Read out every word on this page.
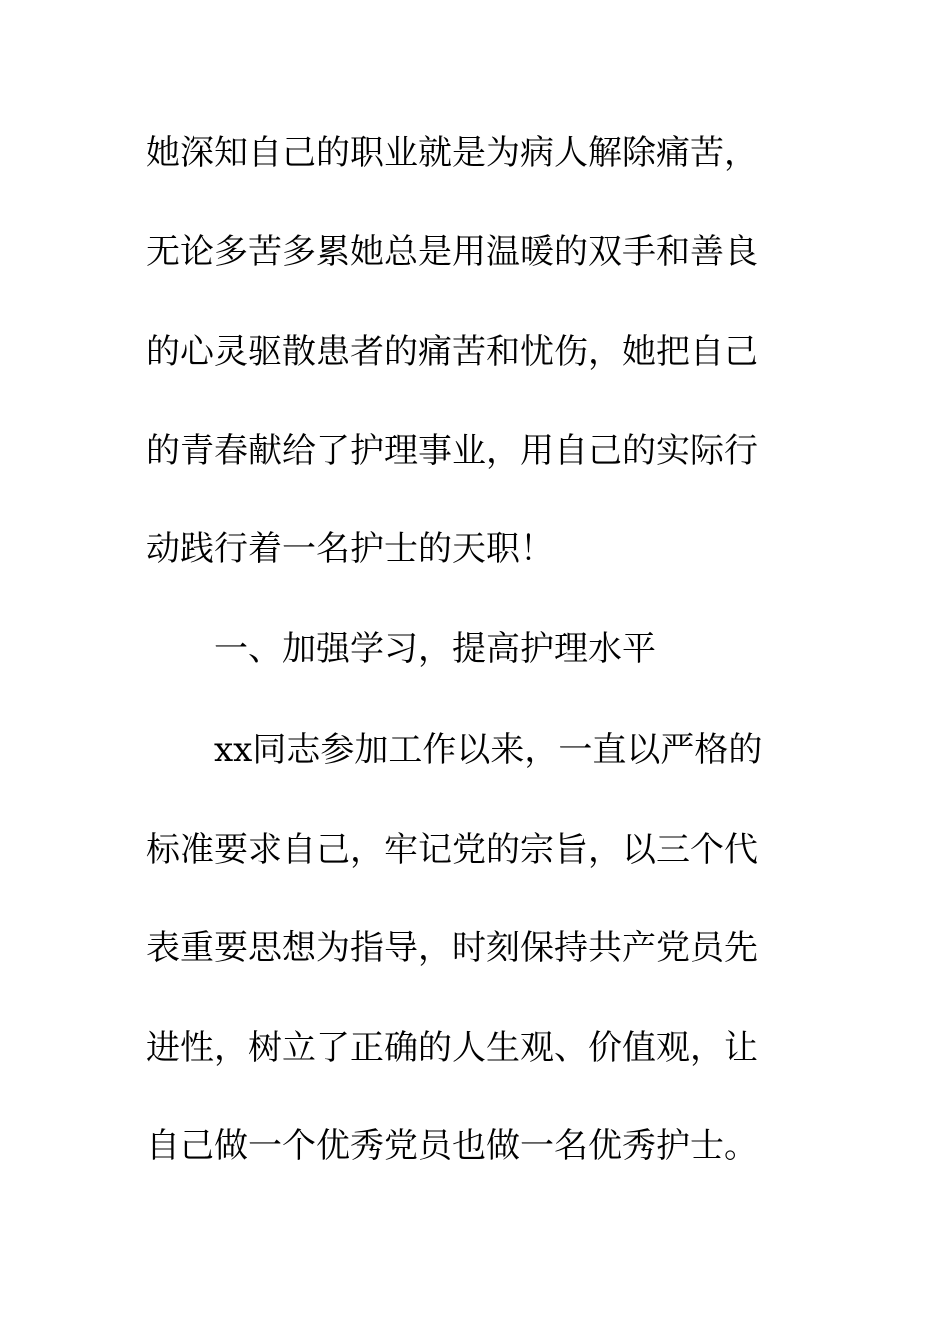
她深知自己的职业就是为病人解除痛苦，
无论多苦多累她总是用温暖的双手和善良
的心灵驱散患者的痛苦和忧伤，她把自己
的青春献给了护理事业，用自己的实际行
动践行着一名护士的天职！
一、加强学习，提高护理水平
xx同志参加工作以来，一直以严格的
标准要求自己，牢记党的宗旨，以三个代
表重要思想为指导，时刻保持共产党员先
进性，树立了正确的人生观、价值观，让
自己做一个优秀党员也做一名优秀护士。
